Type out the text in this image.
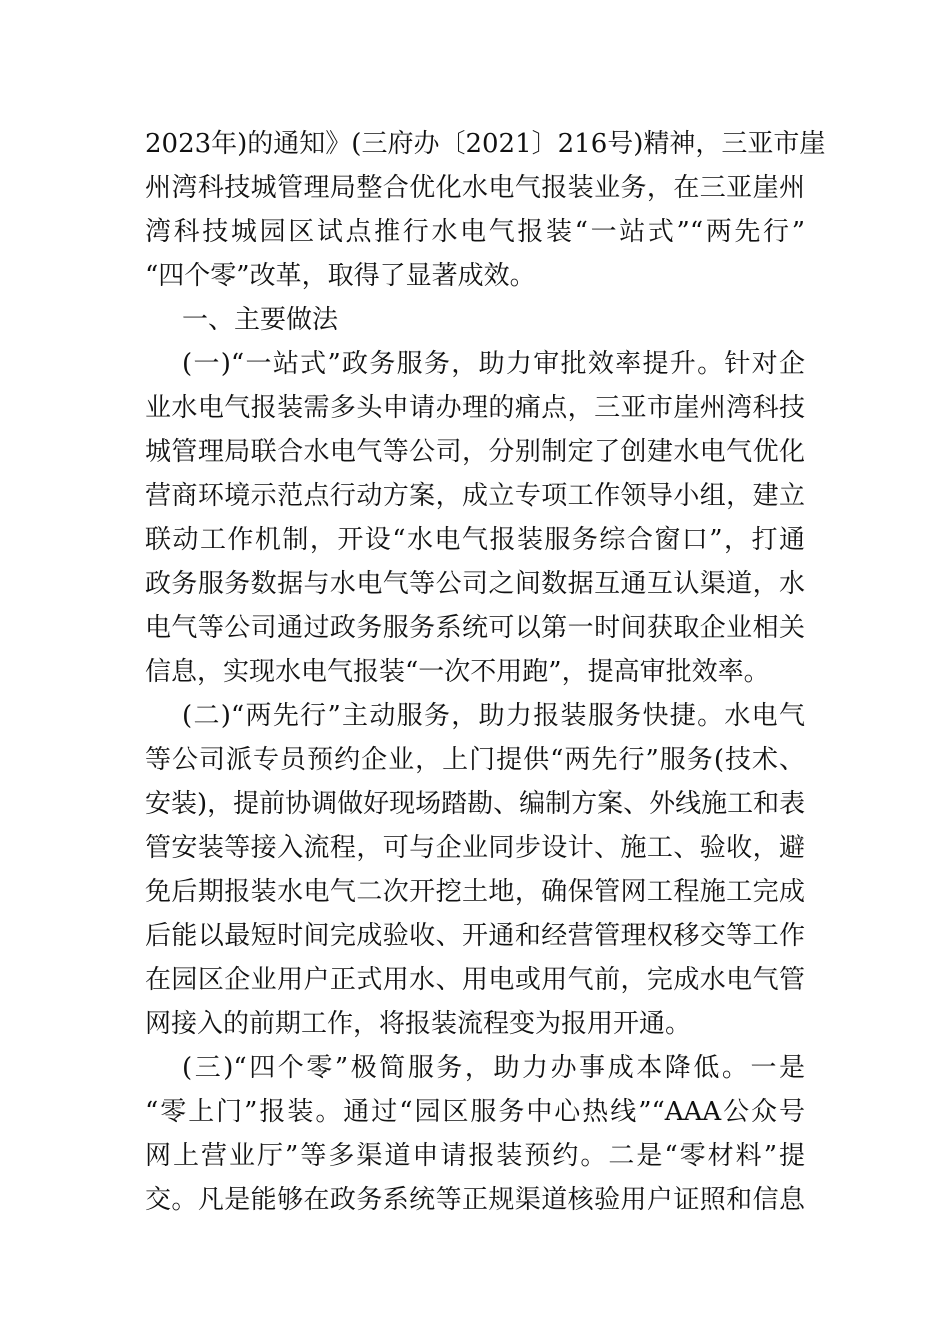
2023年)的通知》(三府办〔2021〕216号)精神，三亚市崖

州湾科技城管理局整合优化水电气报装业务，在三亚崖州

湾科技城园区试点推行水电气报装“一站式”“两先行”

“四个零”改革，取得了显著成效。

一、主要做法

(一)“一站式”政务服务，助力审批效率提升。针对企

业水电气报装需多头申请办理的痛点，三亚市崖州湾科技

城管理局联合水电气等公司，分别制定了创建水电气优化

营商环境示范点行动方案，成立专项工作领导小组，建立

联动工作机制，开设“水电气报装服务综合窗口”，打通

政务服务数据与水电气等公司之间数据互通互认渠道，水

电气等公司通过政务服务系统可以第一时间获取企业相关

信息，实现水电气报装“一次不用跑”，提高审批效率。

(二)“两先行”主动服务，助力报装服务快捷。水电气

等公司派专员预约企业，上门提供“两先行”服务(技术、

安装)，提前协调做好现场踏勘、编制方案、外线施工和表

管安装等接入流程，可与企业同步设计、施工、验收，避

免后期报装水电气二次开挖土地，确保管网工程施工完成

后能以最短时间完成验收、开通和经营管理权移交等工作

在园区企业用户正式用水、用电或用气前，完成水电气管

网接入的前期工作，将报装流程变为报用开通。

(三)“四个零”极简服务，助力办事成本降低。一是

“零上门”报装。通过“园区服务中心热线”“AAA公众号

网上营业厅”等多渠道申请报装预约。二是“零材料”提

交。凡是能够在政务系统等正规渠道核验用户证照和信息
